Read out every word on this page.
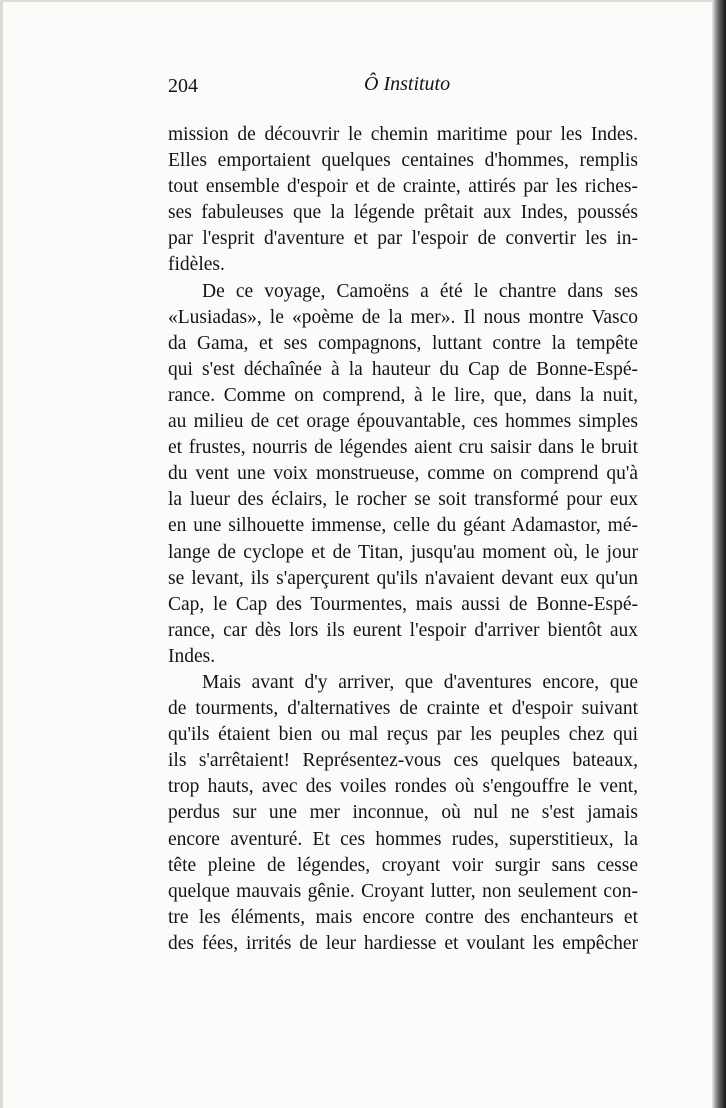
204	Ô Instituto
mission de découvrir le chemin maritime pour les Indes.
Elles emportaient quelques centaines d'hommes, remplis
tout ensemble d'espoir et de crainte, attirés par les riches-
ses fabuleuses que la légende prêtait aux Indes, poussés
par l'esprit d'aventure et par l'espoir de convertir les in-
fidèles.
De ce voyage, Camoëns a été le chantre dans ses
«Lusiadas», le «poème de la mer». Il nous montre Vasco
da Gama, et ses compagnons, luttant contre la tempête
qui s'est déchaînée à la hauteur du Cap de Bonne-Espé-
rance. Comme on comprend, à le lire, que, dans la nuit,
au milieu de cet orage épouvantable, ces hommes simples
et frustes, nourris de légendes aient cru saisir dans le bruit
du vent une voix monstrueuse, comme on comprend qu'à
la lueur des éclairs, le rocher se soit transformé pour eux
en une silhouette immense, celle du géant Adamastor, mé-
lange de cyclope et de Titan, jusqu'au moment où, le jour
se levant, ils s'aperçurent qu'ils n'avaient devant eux qu'un
Cap, le Cap des Tourmentes, mais aussi de Bonne-Espé-
rance, car dès lors ils eurent l'espoir d'arriver bientôt aux
Indes.
Mais avant d'y arriver, que d'aventures encore, que
de tourments, d'alternatives de crainte et d'espoir suivant
qu'ils étaient bien ou mal reçus par les peuples chez qui
ils s'arrêtaient! Représentez-vous ces quelques bateaux,
trop hauts, avec des voiles rondes où s'engouffre le vent,
perdus sur une mer inconnue, où nul ne s'est jamais
encore aventuré. Et ces hommes rudes, superstitieux, la
tête pleine de légendes, croyant voir surgir sans cesse
quelque mauvais gênie. Croyant lutter, non seulement con-
tre les éléments, mais encore contre des enchanteurs et
des fées, irrités de leur hardiesse et voulant les empêcher
